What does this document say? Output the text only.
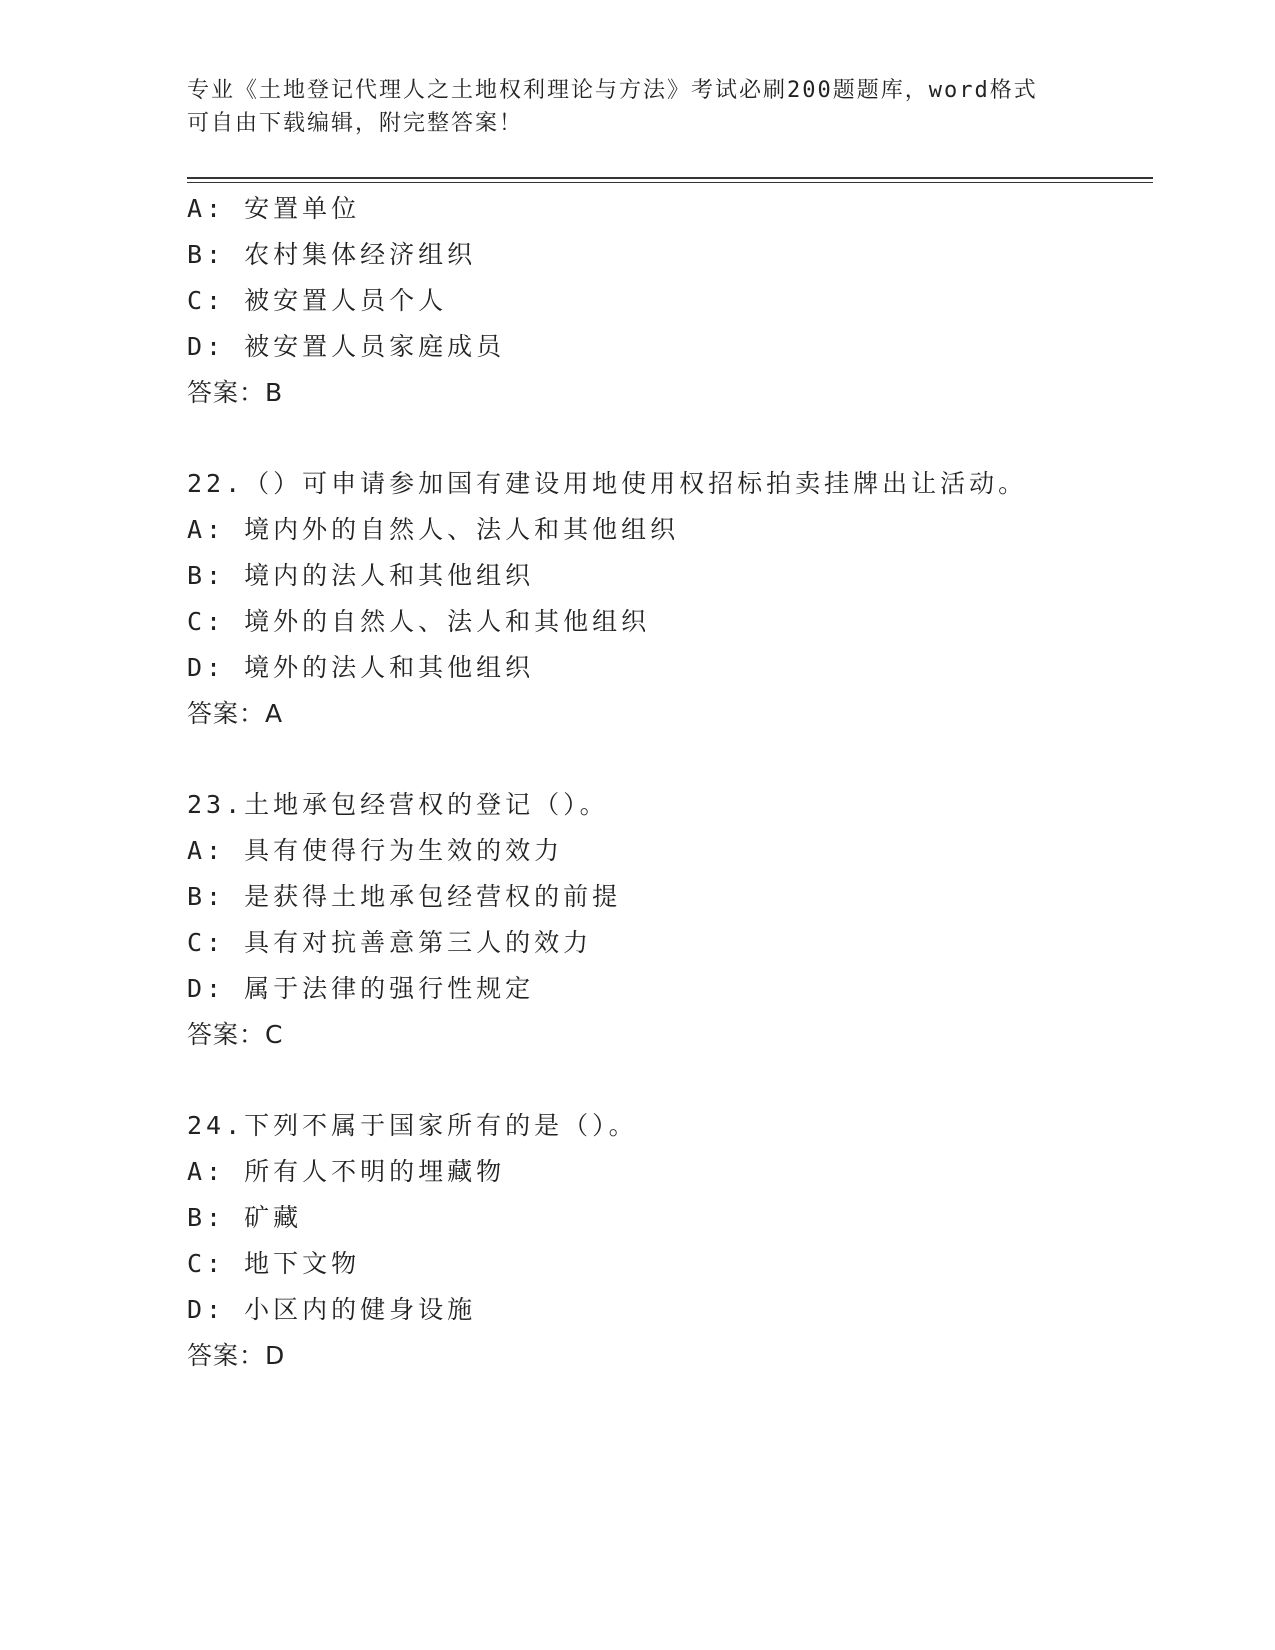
专业《土地登记代理人之土地权利理论与方法》考试必刷200题题库，word格式
可自由下载编辑，附完整答案！
A: 安置单位
B: 农村集体经济组织
C: 被安置人员个人
D: 被安置人员家庭成员
答案：B
22.（）可申请参加国有建设用地使用权招标拍卖挂牌出让活动。
A: 境内外的自然人、法人和其他组织
B: 境内的法人和其他组织
C: 境外的自然人、法人和其他组织
D: 境外的法人和其他组织
答案：A
23.土地承包经营权的登记（）。
A: 具有使得行为生效的效力
B: 是获得土地承包经营权的前提
C: 具有对抗善意第三人的效力
D: 属于法律的强行性规定
答案：C
24.下列不属于国家所有的是（）。
A: 所有人不明的埋藏物
B: 矿藏
C: 地下文物
D: 小区内的健身设施
答案：D
